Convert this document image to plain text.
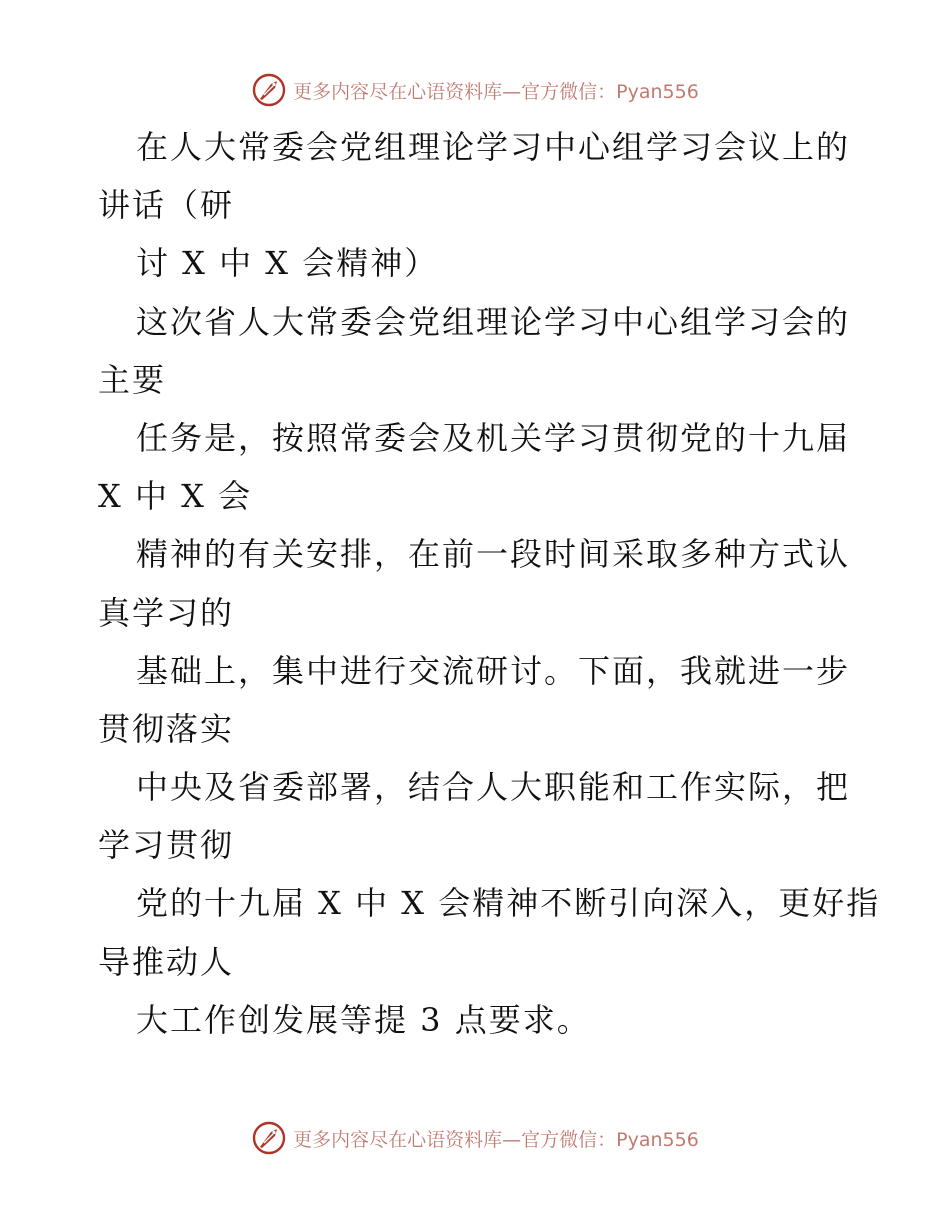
更多内容尽在心语资料库—官方微信：Pyan556
在人大常委会党组理论学习中心组学习会议上的
讲话（研
讨 X 中 X 会精神）
这次省人大常委会党组理论学习中心组学习会的
主要
任务是，按照常委会及机关学习贯彻党的十九届
X 中 X 会
精神的有关安排，在前一段时间采取多种方式认
真学习的
基础上，集中进行交流研讨。下面，我就进一步
贯彻落实
中央及省委部署，结合人大职能和工作实际，把
学习贯彻
党的十九届 X 中 X 会精神不断引向深入，更好指
导推动人
大工作创发展等提 3 点要求。
更多内容尽在心语资料库—官方微信：Pyan556
